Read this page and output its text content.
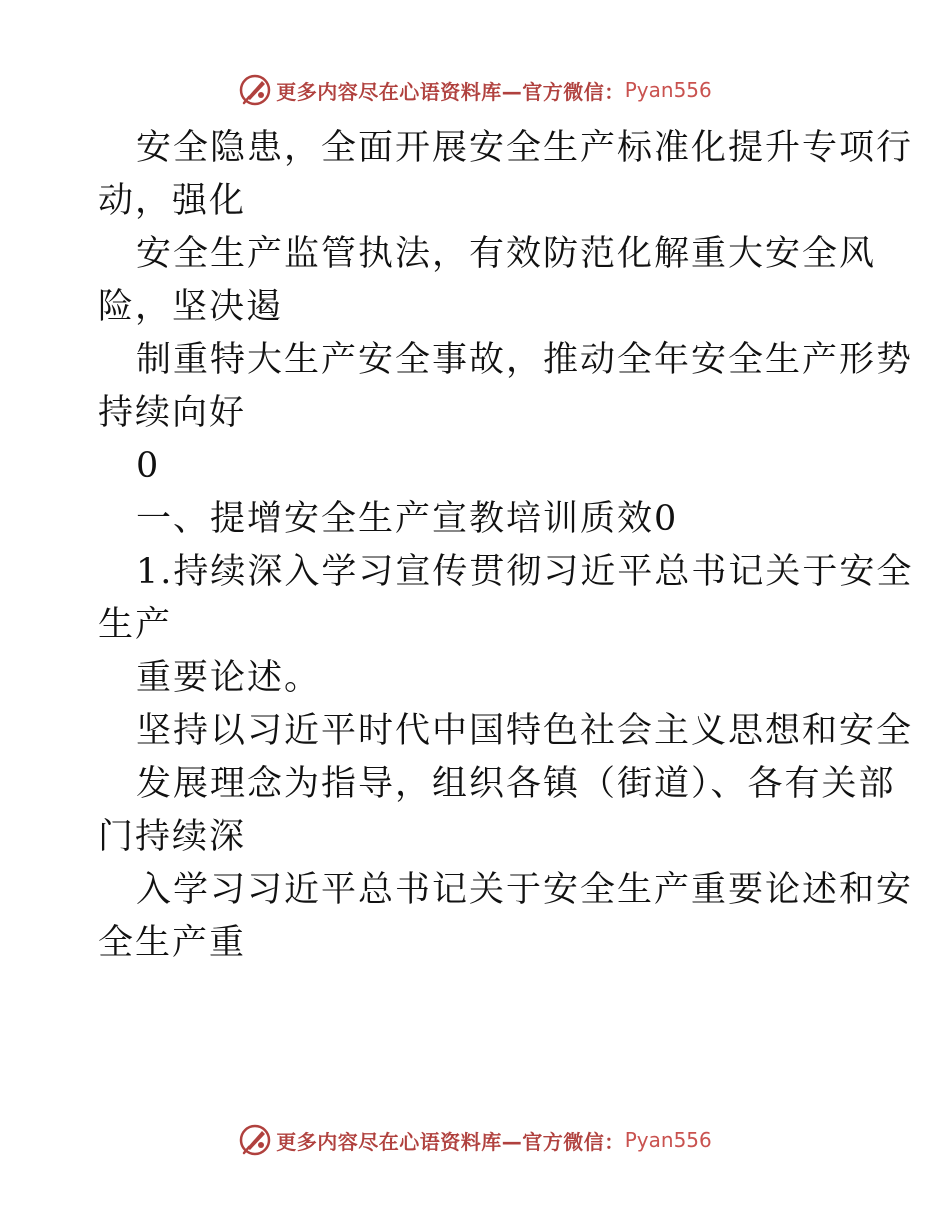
更多内容尽在心语资料库—官方微信： Pyan556
安全隐患，全面开展安全生产标准化提升专项行
动，强化
安全生产监管执法，有效防范化解重大安全风
险，坚决遏
制重特大生产安全事故，推动全年安全生产形势
持续向好
0
一、提增安全生产宣教培训质效0
1.持续深入学习宣传贯彻习近平总书记关于安全
生产
重要论述。
坚持以习近平时代中国特色社会主义思想和安全
发展理念为指导，组织各镇（街道）、各有关部
门持续深
入学习习近平总书记关于安全生产重要论述和安
全生产重
更多内容尽在心语资料库—官方微信： Pyan556
